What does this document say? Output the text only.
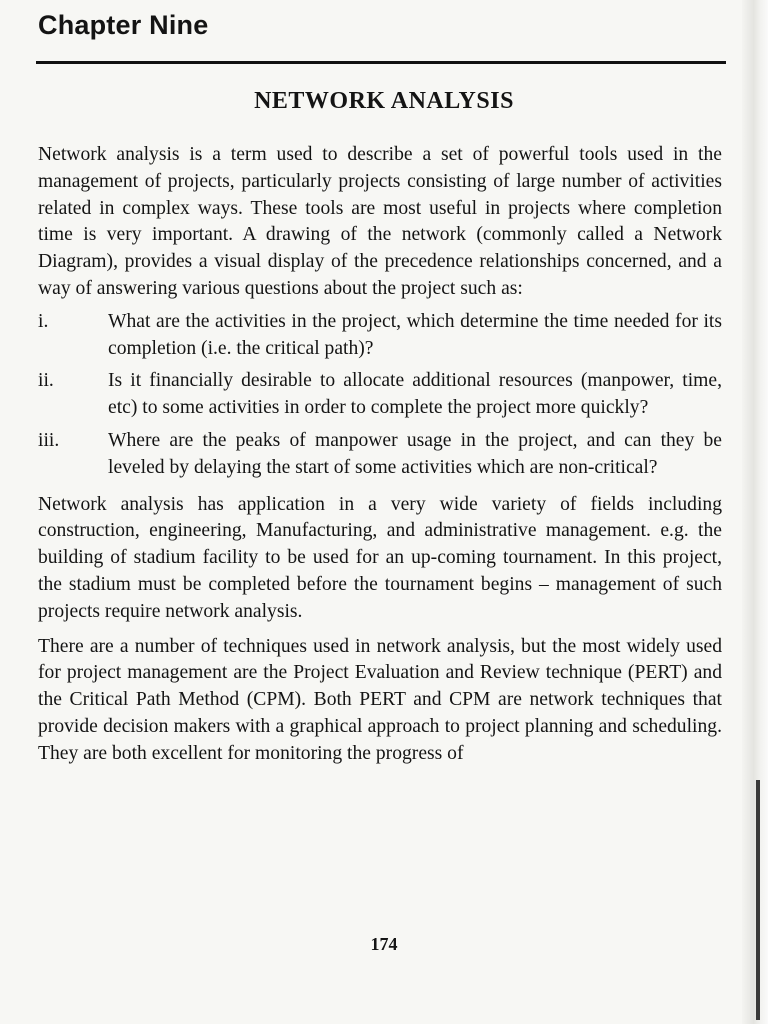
Chapter Nine
NETWORK ANALYSIS

Network analysis is a term used to describe a set of powerful tools used in the management of projects, particularly projects consisting of large number of activities related in complex ways. These tools are most useful in projects where completion time is very important. A drawing of the network (commonly called a Network Diagram), provides a visual display of the precedence relationships concerned, and a way of answering various questions about the project such as:

i.	What are the activities in the project, which determine the time needed for its completion (i.e. the critical path)?
ii.	Is it financially desirable to allocate additional resources (manpower, time, etc) to some activities in order to complete the project more quickly?
iii.	Where are the peaks of manpower usage in the project, and can they be leveled by delaying the start of some activities which are non-critical?

Network analysis has application in a very wide variety of fields including construction, engineering, Manufacturing, and administrative management. e.g. the building of stadium facility to be used for an up-coming tournament. In this project, the stadium must be completed before the tournament begins – management of such projects require network analysis.

There are a number of techniques used in network analysis, but the most widely used for project management are the Project Evaluation and Review technique (PERT) and the Critical Path Method (CPM). Both PERT and CPM are network techniques that provide decision makers with a graphical approach to project planning and scheduling. They are both excellent for monitoring the progress of

174
